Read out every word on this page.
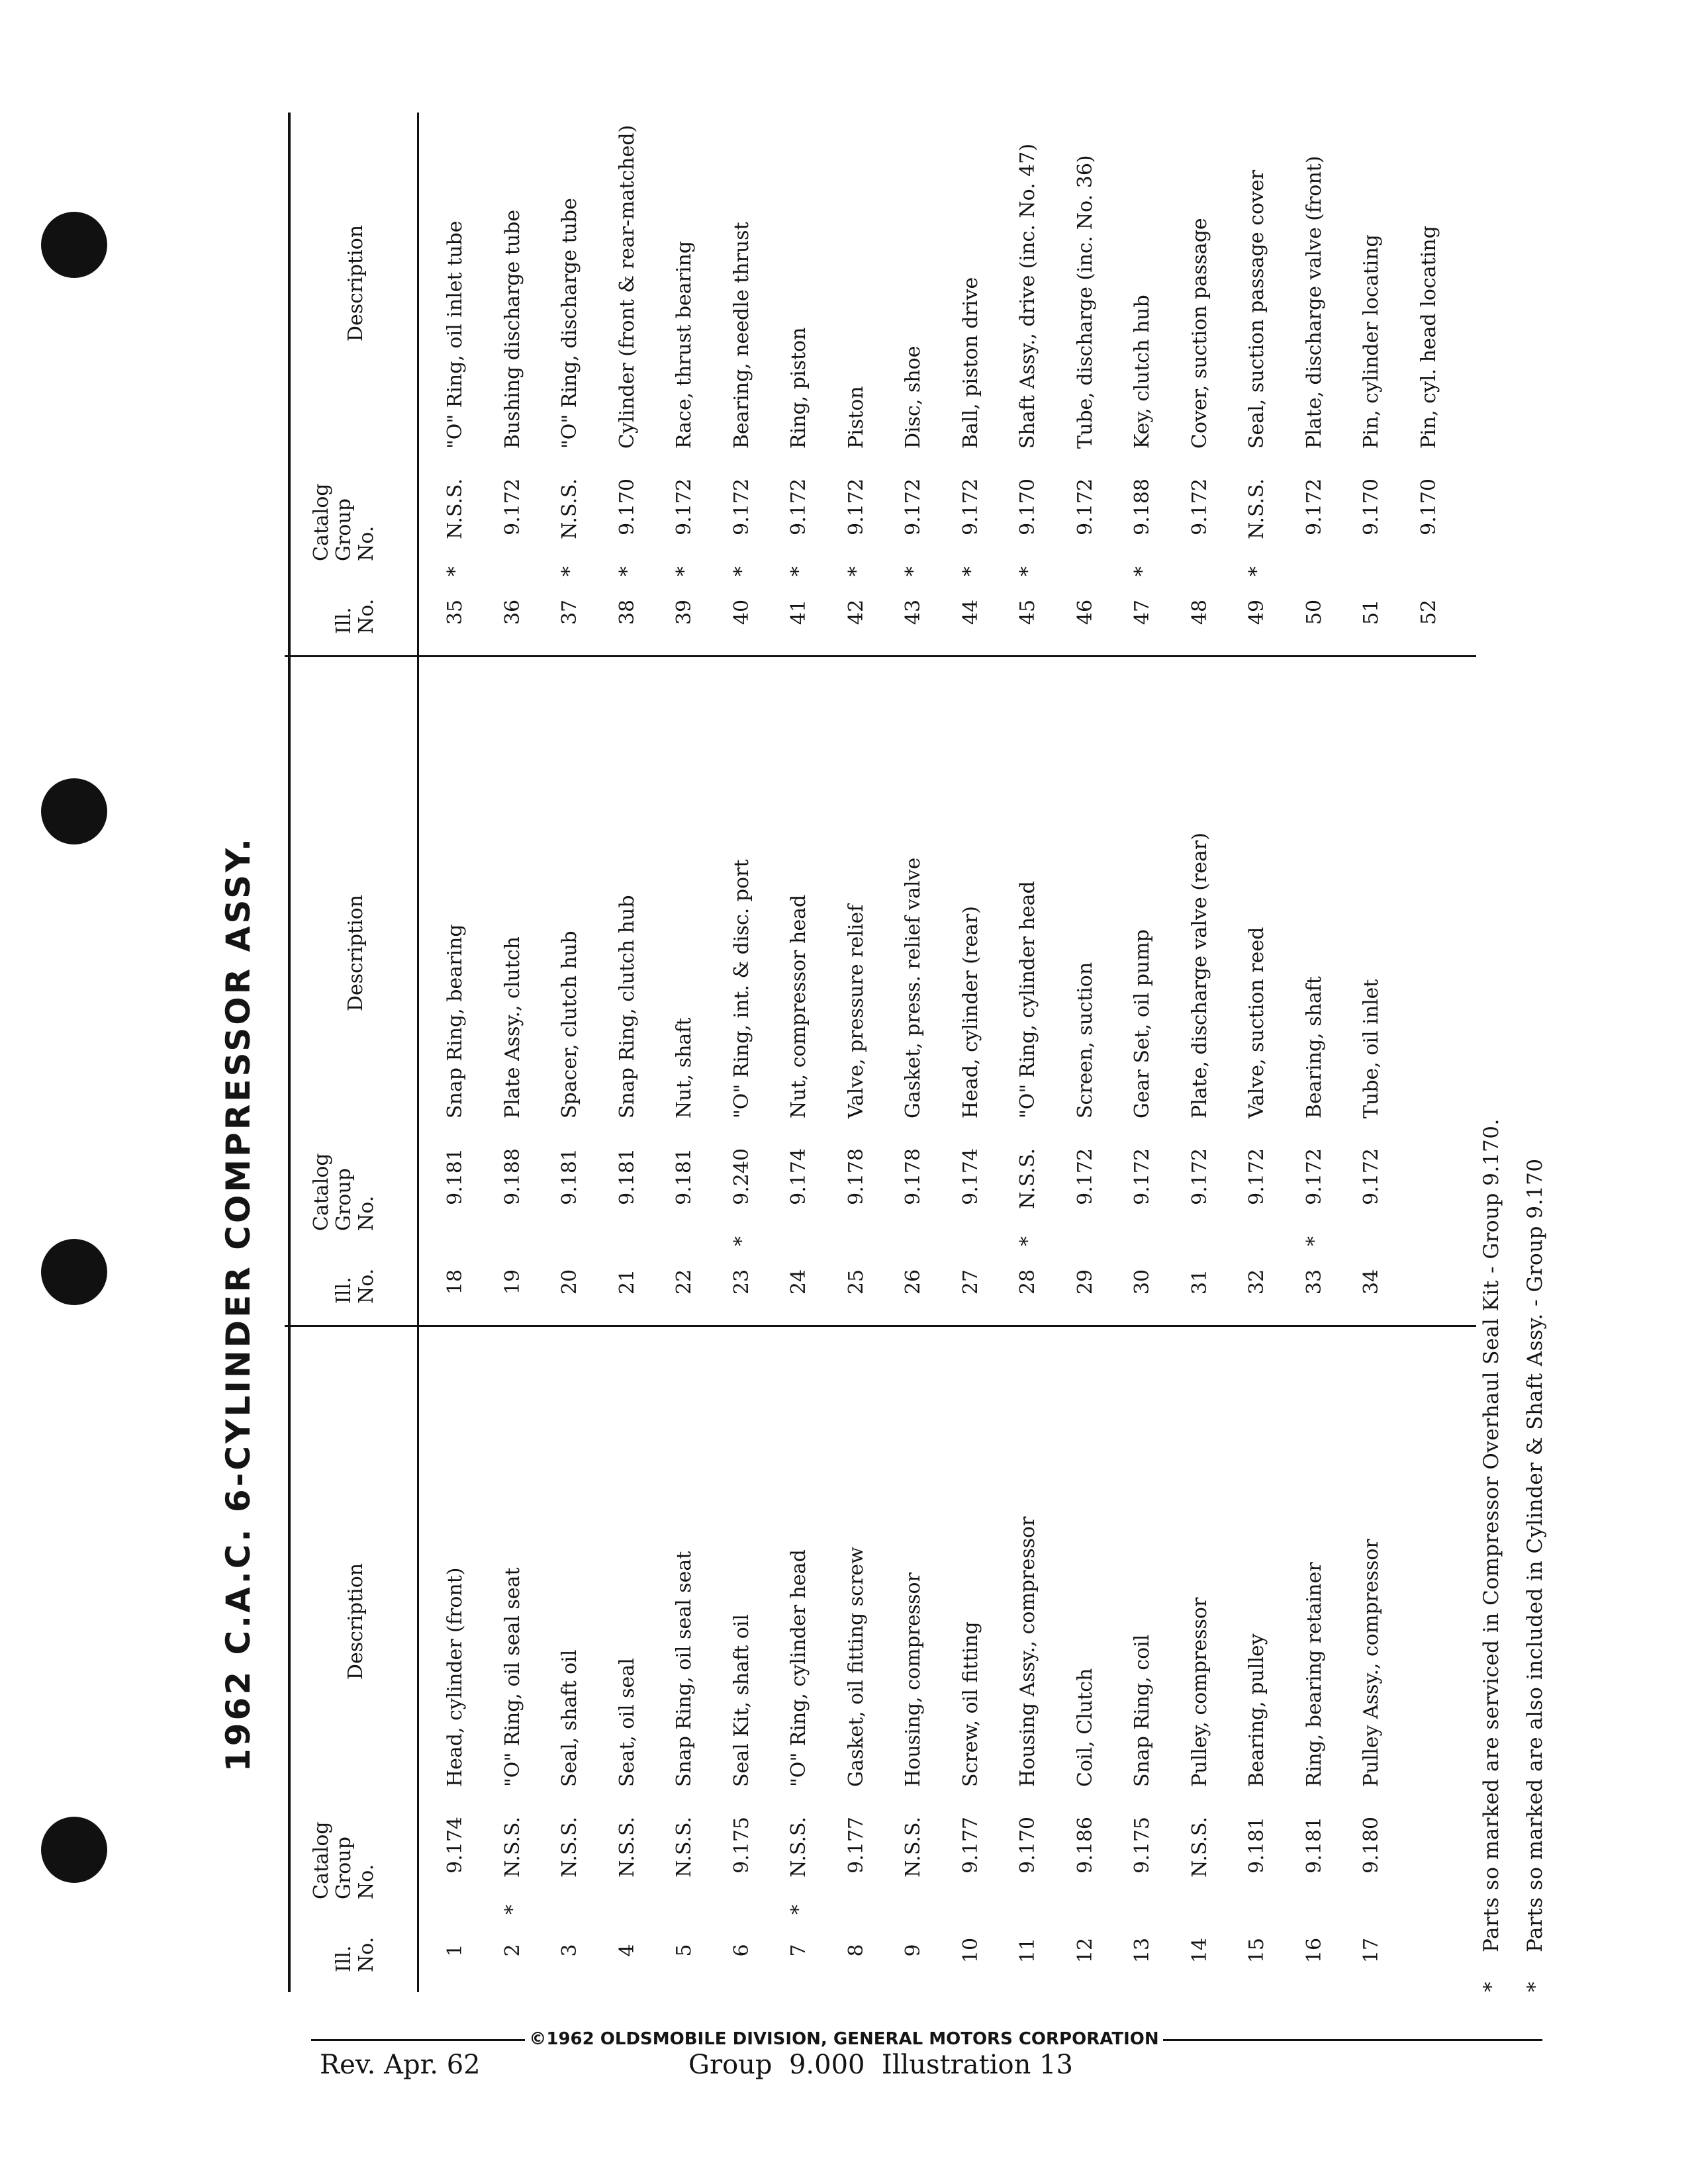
1962 C.A.C. 6-CYLINDER COMPRESSOR ASSY.
Ill.
No.
Catalog
Group
No.
Description
1
9.174
Head, cylinder (front)
2
*
N.S.S.
"O" Ring, oil seal seat
3
N.S.S.
Seal, shaft oil
4
N.S.S.
Seat, oil seal
5
N.S.S.
Snap Ring, oil seal seat
6
9.175
Seal Kit, shaft oil
7
*
N.S.S.
"O" Ring, cylinder head
8
9.177
Gasket, oil fitting screw
9
N.S.S.
Housing, compressor
10
9.177
Screw, oil fitting
11
9.170
Housing Assy., compressor
12
9.186
Coil, Clutch
13
9.175
Snap Ring, coil
14
N.S.S.
Pulley, compressor
15
9.181
Bearing, pulley
16
9.181
Ring, bearing retainer
17
9.180
Pulley Assy., compressor
Ill.
No.
Catalog
Group
No.
Description
18
9.181
Snap Ring, bearing
19
9.188
Plate Assy., clutch
20
9.181
Spacer, clutch hub
21
9.181
Snap Ring, clutch hub
22
9.181
Nut, shaft
23
*
9.240
"O" Ring, int. & disc. port
24
9.174
Nut, compressor head
25
9.178
Valve, pressure relief
26
9.178
Gasket, press. relief valve
27
9.174
Head, cylinder (rear)
28
*
N.S.S.
"O" Ring, cylinder head
29
9.172
Screen, suction
30
9.172
Gear Set, oil pump
31
9.172
Plate, discharge valve (rear)
32
9.172
Valve, suction reed
33
*
9.172
Bearing, shaft
34
9.172
Tube, oil inlet
Ill.
No.
Catalog
Group
No.
Description
35
*
N.S.S.
"O" Ring, oil inlet tube
36
9.172
Bushing discharge tube
37
*
N.S.S.
"O" Ring, discharge tube
38
*
9.170
Cylinder (front & rear-matched)
39
*
9.172
Race, thrust bearing
40
*
9.172
Bearing, needle thrust
41
*
9.172
Ring, piston
42
*
9.172
Piston
43
*
9.172
Disc, shoe
44
*
9.172
Ball, piston drive
45
*
9.170
Shaft Assy., drive (inc. No. 47)
46
9.172
Tube, discharge (inc. No. 36)
47
*
9.188
Key, clutch hub
48
9.172
Cover, suction passage
49
*
N.S.S.
Seal, suction passage cover
50
9.172
Plate, discharge valve (front)
51
9.170
Pin, cylinder locating
52
9.170
Pin, cyl. head locating
*Parts so marked are serviced in Compressor Overhaul Seal Kit - Group 9.170.
*Parts so marked are also included in Cylinder & Shaft Assy. - Group 9.170
©1962 OLDSMOBILE DIVISION, GENERAL MOTORS CORPORATION
Rev. Apr. 62	Group  9.000  Illustration 13
